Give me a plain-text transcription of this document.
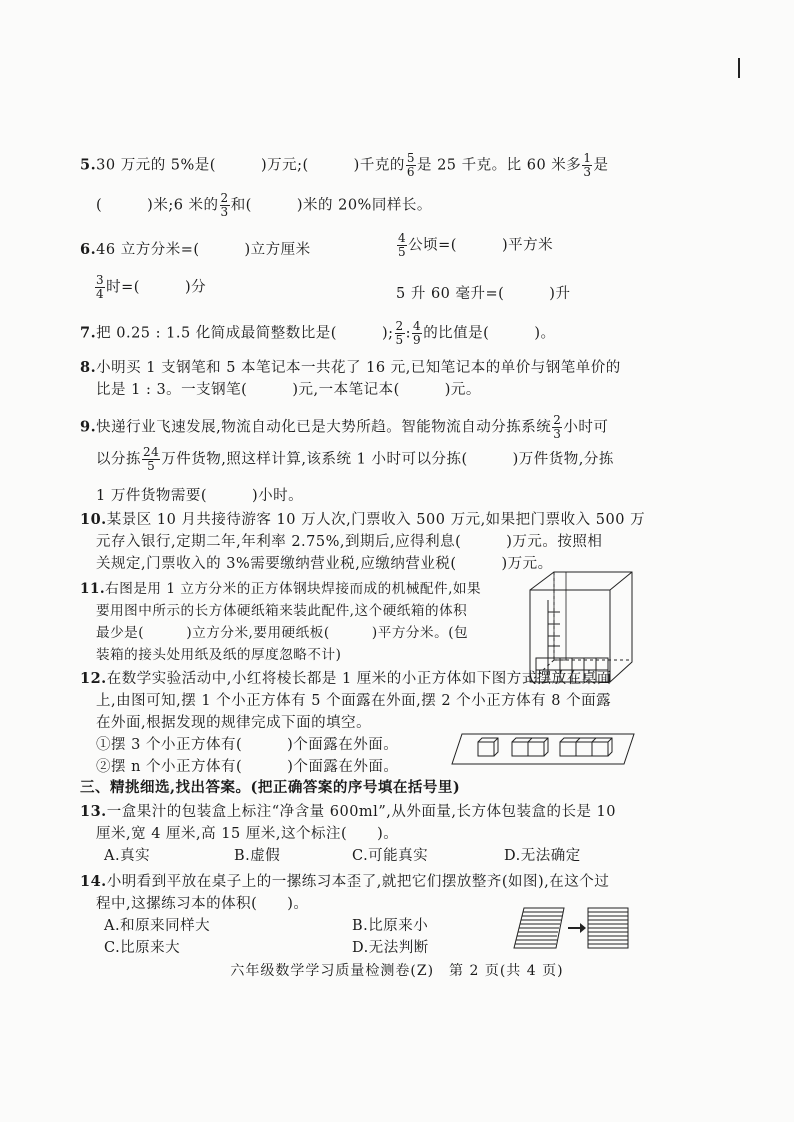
5.30 万元的 5%是(　　　)万元;(　　　)千克的 $\frac{5}{6}$ 是 25 千克。比 60 米多 $\frac{1}{3}$ 是
(　　　)米;6 米的 $\frac{2}{3}$ 和(　　　)米的 20%同样长。
6.46 立方分米=(　　　)立方厘米	$\frac{4}{5}$ 公顷=(　　　)平方米
$\frac{3}{4}$ 时=(　　　)分	5 升 60 毫升=(　　　)升
7.把 0.25 : 1.5 化简成最简整数比是(　　　); $\frac{2}{5}$ : $\frac{4}{9}$ 的比值是(　　　)。
8.小明买 1 支钢笔和 5 本笔记本一共花了 16 元,已知笔记本的单价与钢笔单价的
比是 1 : 3。一支钢笔(　　　)元,一本笔记本(　　　)元。
9.快递行业飞速发展,物流自动化已是大势所趋。智能物流自动分拣系统 $\frac{2}{3}$ 小时可
以分拣 $\frac{24}{5}$ 万件货物,照这样计算,该系统 1 小时可以分拣(　　　)万件货物,分拣
1 万件货物需要(　　　)小时。
10.某景区 10 月共接待游客 10 万人次,门票收入 500 万元,如果把门票收入 500 万
元存入银行,定期二年,年利率 2.75%,到期后,应得利息(　　　)万元。按照相
关规定,门票收入的 3%需要缴纳营业税,应缴纳营业税(　　　)万元。
11.右图是用 1 立方分米的正方体钢块焊接而成的机械配件,如果
要用图中所示的长方体硬纸箱来装此配件,这个硬纸箱的体积
最少是(　　　)立方分米,要用硬纸板(　　　)平方分米。(包
装箱的接头处用纸及纸的厚度忽略不计)
12.在数学实验活动中,小红将棱长都是 1 厘米的小正方体如下图方式摆放在桌面
上,由图可知,摆 1 个小正方体有 5 个面露在外面,摆 2 个小正方体有 8 个面露
在外面,根据发现的规律完成下面的填空。
①摆 3 个小正方体有(　　　)个面露在外面。
②摆 n 个小正方体有(　　　)个面露在外面。
三、精挑细选,找出答案。(把正确答案的序号填在括号里)
13.一盒果汁的包装盒上标注“净含量 600ml”,从外面量,长方体包装盒的长是 10
厘米,宽 4 厘米,高 15 厘米,这个标注(　　)。
A.真实	B.虚假	C.可能真实	D.无法确定
14.小明看到平放在桌子上的一摞练习本歪了,就把它们摆放整齐(如图),在这个过
程中,这摞练习本的体积(　　)。
A.和原来同样大	B.比原来小
C.比原来大	D.无法判断
六年级数学学习质量检测卷(Z)　第 2 页(共 4 页)
